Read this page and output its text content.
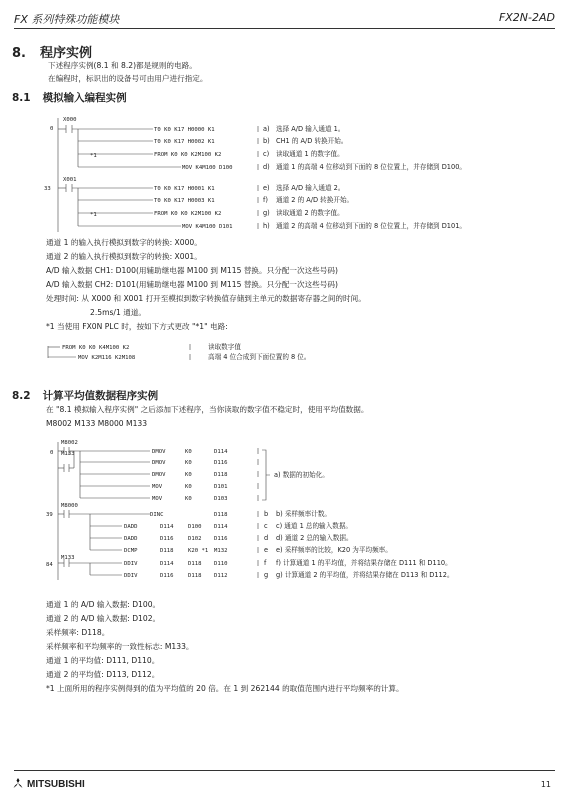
FX 系列特殊功能模块	FX2N-2AD
8. 程序实例
下述程序实例(8.1 和 8.2)都是规则的电路。
在编程时，标识出的设备号可由用户进行指定。
8.1 模拟输入编程实例
0
33
X000
*1
T0 K0 K17 H0000 K1
T0 K0 K17 H0002 K1
FROM K0 K0 K2M100 K2
MOV K4M100 D100
a)
b)
c)
d)
选择 A/D 输入通道 1。
CH1 的 A/D 转换开始。
读取通道 1 的数字值。
通道 1 的高端 4 位移动到下面的 8 位位置上，并存储到 D100。
X001
*1
T0 K0 K17 H0001 K1
T0 K0 K17 H0003 K1
FROM K0 K0 K2M100 K2
MOV K4M100 D101
e)
f)
g)
h)
选择 A/D 输入通道 2。
通道 2 的 A/D 转换开始。
读取通道 2 的数字值。
通道 2 的高端 4 位移动到下面的 8 位位置上，并存储到 D101。
FROM K0 K0 K4M100 K2
MOV K2M116 K2M108
读取数字值
高端 4 位合成到下面位置的 8 位。
通道 1 的输入执行模拟到数字的转换: X000。
通道 2 的输入执行模拟到数字的转换: X001。
A/D 输入数据 CH1: D100(用辅助继电器 M100 到 M115 替换。只分配一次这些号码)
A/D 输入数据 CH2: D101(用辅助继电器 M100 到 M115 替换。只分配一次这些号码)
处理时间: 从 X000 和 X001 打开至模拟到数字转换值存储到主单元的数据寄存器之间的时间。
2.5ms/1 通道。
*1 当使用 FX0N PLC 时，按如下方式更改 "*1" 电路:
8.2 计算平均值数据程序实例
在 "8.1 模拟输入程序实例" 之后添加下述程序，当你读取的数字值不稳定时，使用平均值数据。
M8002 M133 M8000 M133
0
39
84
M8002
M133	DMOV	K0	D114
DMOV	K0	D116
DMOV	K0	D118
MOV	K0	D101
MOV	K0	D103
a) 数据的初始化。
M8000
M133
DINC	D118
DADD	D114	D100 D114
DADD	D116	D102 D116
DCMP	D118	K20 *1 M132
DDIV	D114	D118 D110
DDIV	D116	D118 D112
b
c
d
e
f
g
b) 采样频率计数。
c) 通道 1 总的输入数据。
d) 通道 2 总的输入数据。
e) 采样频率的比较，K20 为平均频率。
f) 计算通道 1 的平均值，并将结果存储在 D111 和 D110。
g) 计算通道 2 的平均值，并将结果存储在 D113 和 D112。
通道 1 的 A/D 输入数据: D100。
通道 2 的 A/D 输入数据: D102。
采样频率: D118。
采样频率和平均频率的一致性标志: M133。
通道 1 的平均值: D111, D110。
通道 2 的平均值: D113, D112。
*1 上面所用的程序实例得到的值为平均值的 20 倍。在 1 到 262144 的取值范围内进行平均频率的计算。
MITSUBISHI	11
